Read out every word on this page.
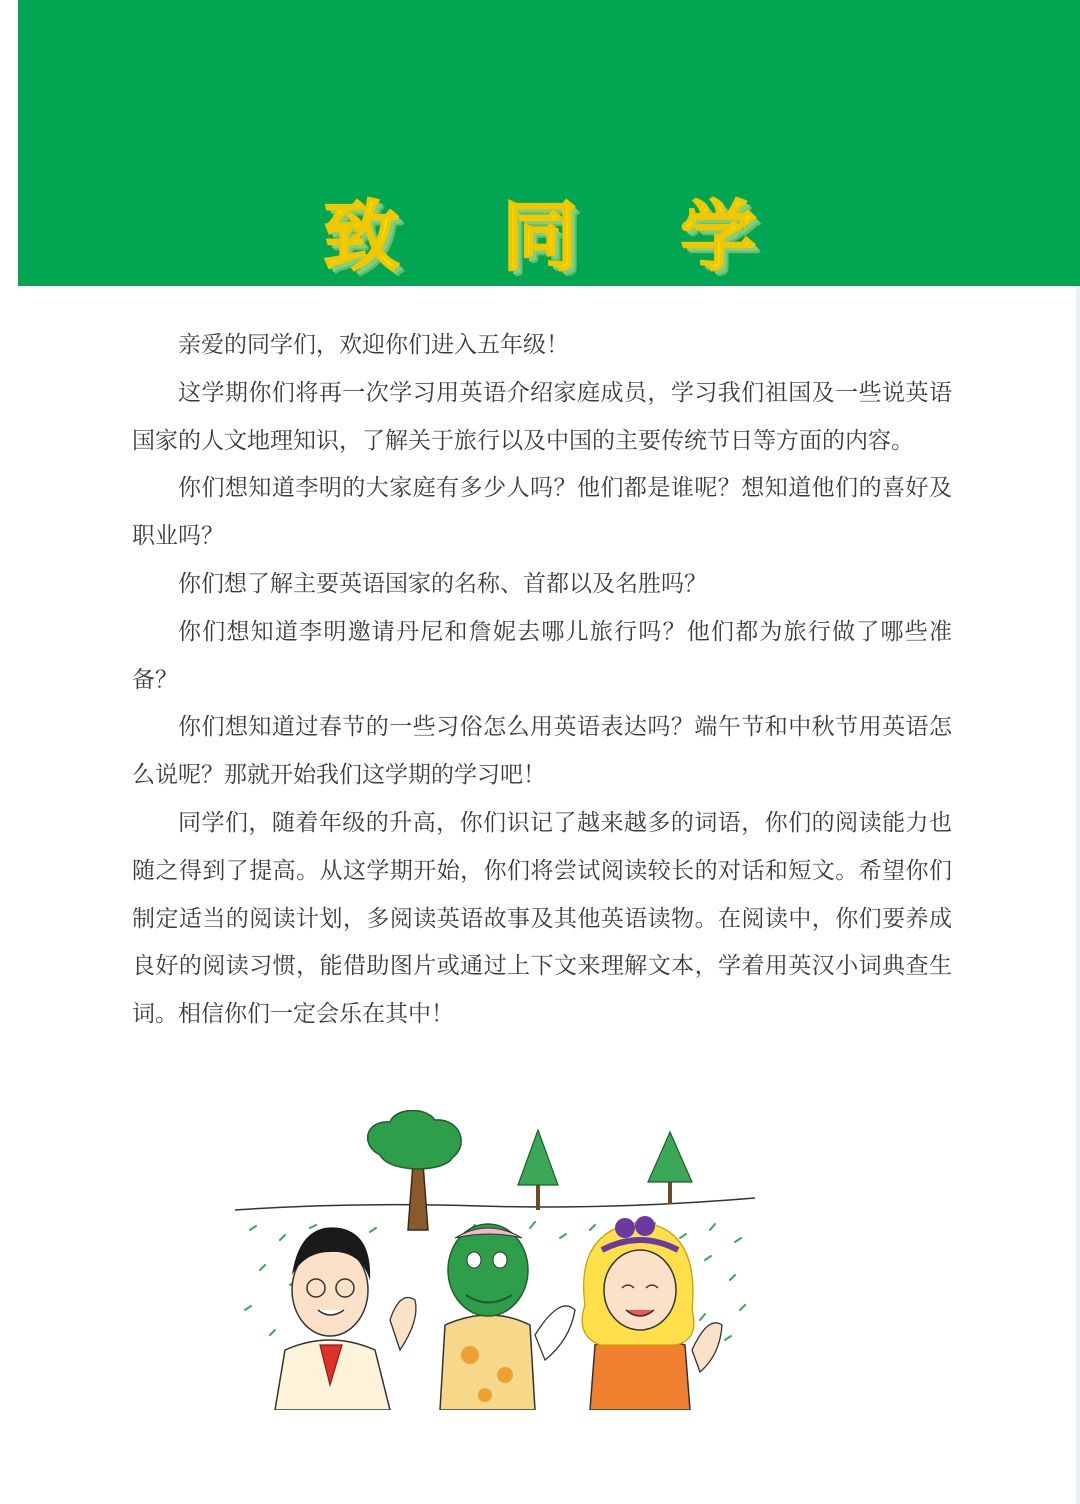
致 同 学

亲爱的同学们，欢迎你们进入五年级！

这学期你们将再一次学习用英语介绍家庭成员，学习我们祖国及一些说英语国家的人文地理知识，了解关于旅行以及中国的主要传统节日等方面的内容。

你们想知道李明的大家庭有多少人吗？他们都是谁呢？想知道他们的喜好及职业吗？

你们想了解主要英语国家的名称、首都以及名胜吗？

你们想知道李明邀请丹尼和詹妮去哪儿旅行吗？他们都为旅行做了哪些准备？

你们想知道过春节的一些习俗怎么用英语表达吗？端午节和中秋节用英语怎么说呢？那就开始我们这学期的学习吧！

同学们，随着年级的升高，你们识记了越来越多的词语，你们的阅读能力也随之得到了提高。从这学期开始，你们将尝试阅读较长的对话和短文。希望你们制定适当的阅读计划，多阅读英语故事及其他英语读物。在阅读中，你们要养成良好的阅读习惯，能借助图片或通过上下文来理解文本，学着用英汉小词典查生词。相信你们一定会乐在其中！
